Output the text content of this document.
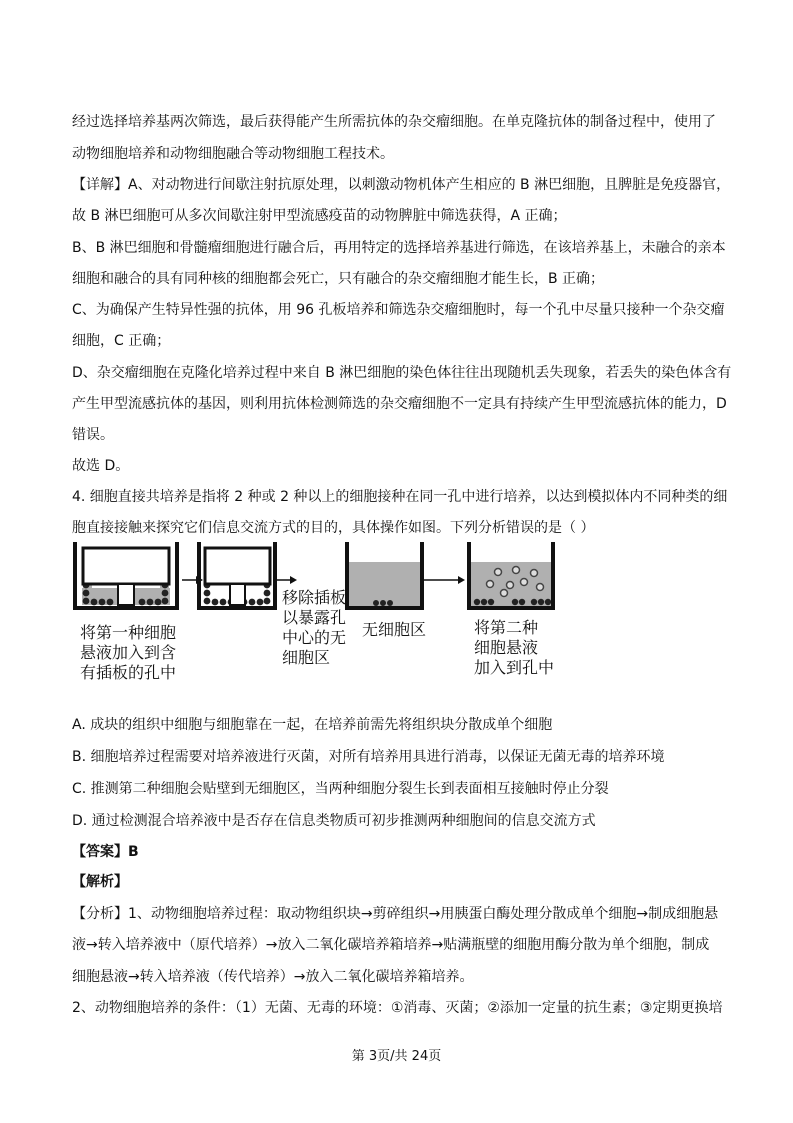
经过选择培养基两次筛选，最后获得能产生所需抗体的杂交瘤细胞。在单克隆抗体的制备过程中，使用了
动物细胞培养和动物细胞融合等动物细胞工程技术。
【详解】A、对动物进行间歇注射抗原处理，以刺激动物机体产生相应的 B 淋巴细胞，且脾脏是免疫器官，
故 B 淋巴细胞可从多次间歇注射甲型流感疫苗的动物脾脏中筛选获得，A 正确；
B、B 淋巴细胞和骨髓瘤细胞进行融合后，再用特定的选择培养基进行筛选，在该培养基上，未融合的亲本
细胞和融合的具有同种核的细胞都会死亡，只有融合的杂交瘤细胞才能生长，B 正确；
C、为确保产生特异性强的抗体，用 96 孔板培养和筛选杂交瘤细胞时，每一个孔中尽量只接种一个杂交瘤
细胞，C 正确；
D、杂交瘤细胞在克隆化培养过程中来自 B 淋巴细胞的染色体往往出现随机丢失现象，若丢失的染色体含有
产生甲型流感抗体的基因，则利用抗体检测筛选的杂交瘤细胞不一定具有持续产生甲型流感抗体的能力，D
错误。
故选 D。
4. 细胞直接共培养是指将 2 种或 2 种以上的细胞接种在同一孔中进行培养，以达到模拟体内不同种类的细
胞直接接触来探究它们信息交流方式的目的，具体操作如图。下列分析错误的是（ ）
将第一种细胞
悬液加入到含
有插板的孔中
移除插板
以暴露孔
中心的无
细胞区
无细胞区	将第二种
细胞悬液
加入到孔中
A. 成块的组织中细胞与细胞靠在一起，在培养前需先将组织块分散成单个细胞
B. 细胞培养过程需要对培养液进行灭菌，对所有培养用具进行消毒，以保证无菌无毒的培养环境
C. 推测第二种细胞会贴壁到无细胞区，当两种细胞分裂生长到表面相互接触时停止分裂
D. 通过检测混合培养液中是否存在信息类物质可初步推测两种细胞间的信息交流方式
【答案】B
【解析】
【分析】1、动物细胞培养过程：取动物组织块→剪碎组织→用胰蛋白酶处理分散成单个细胞→制成细胞悬
液→转入培养液中（原代培养）→放入二氧化碳培养箱培养→贴满瓶壁的细胞用酶分散为单个细胞，制成
细胞悬液→转入培养液（传代培养）→放入二氧化碳培养箱培养。
2、动物细胞培养的条件：（1）无菌、无毒的环境：①消毒、灭菌；②添加一定量的抗生素；③定期更换培
第 3页/共 24页
